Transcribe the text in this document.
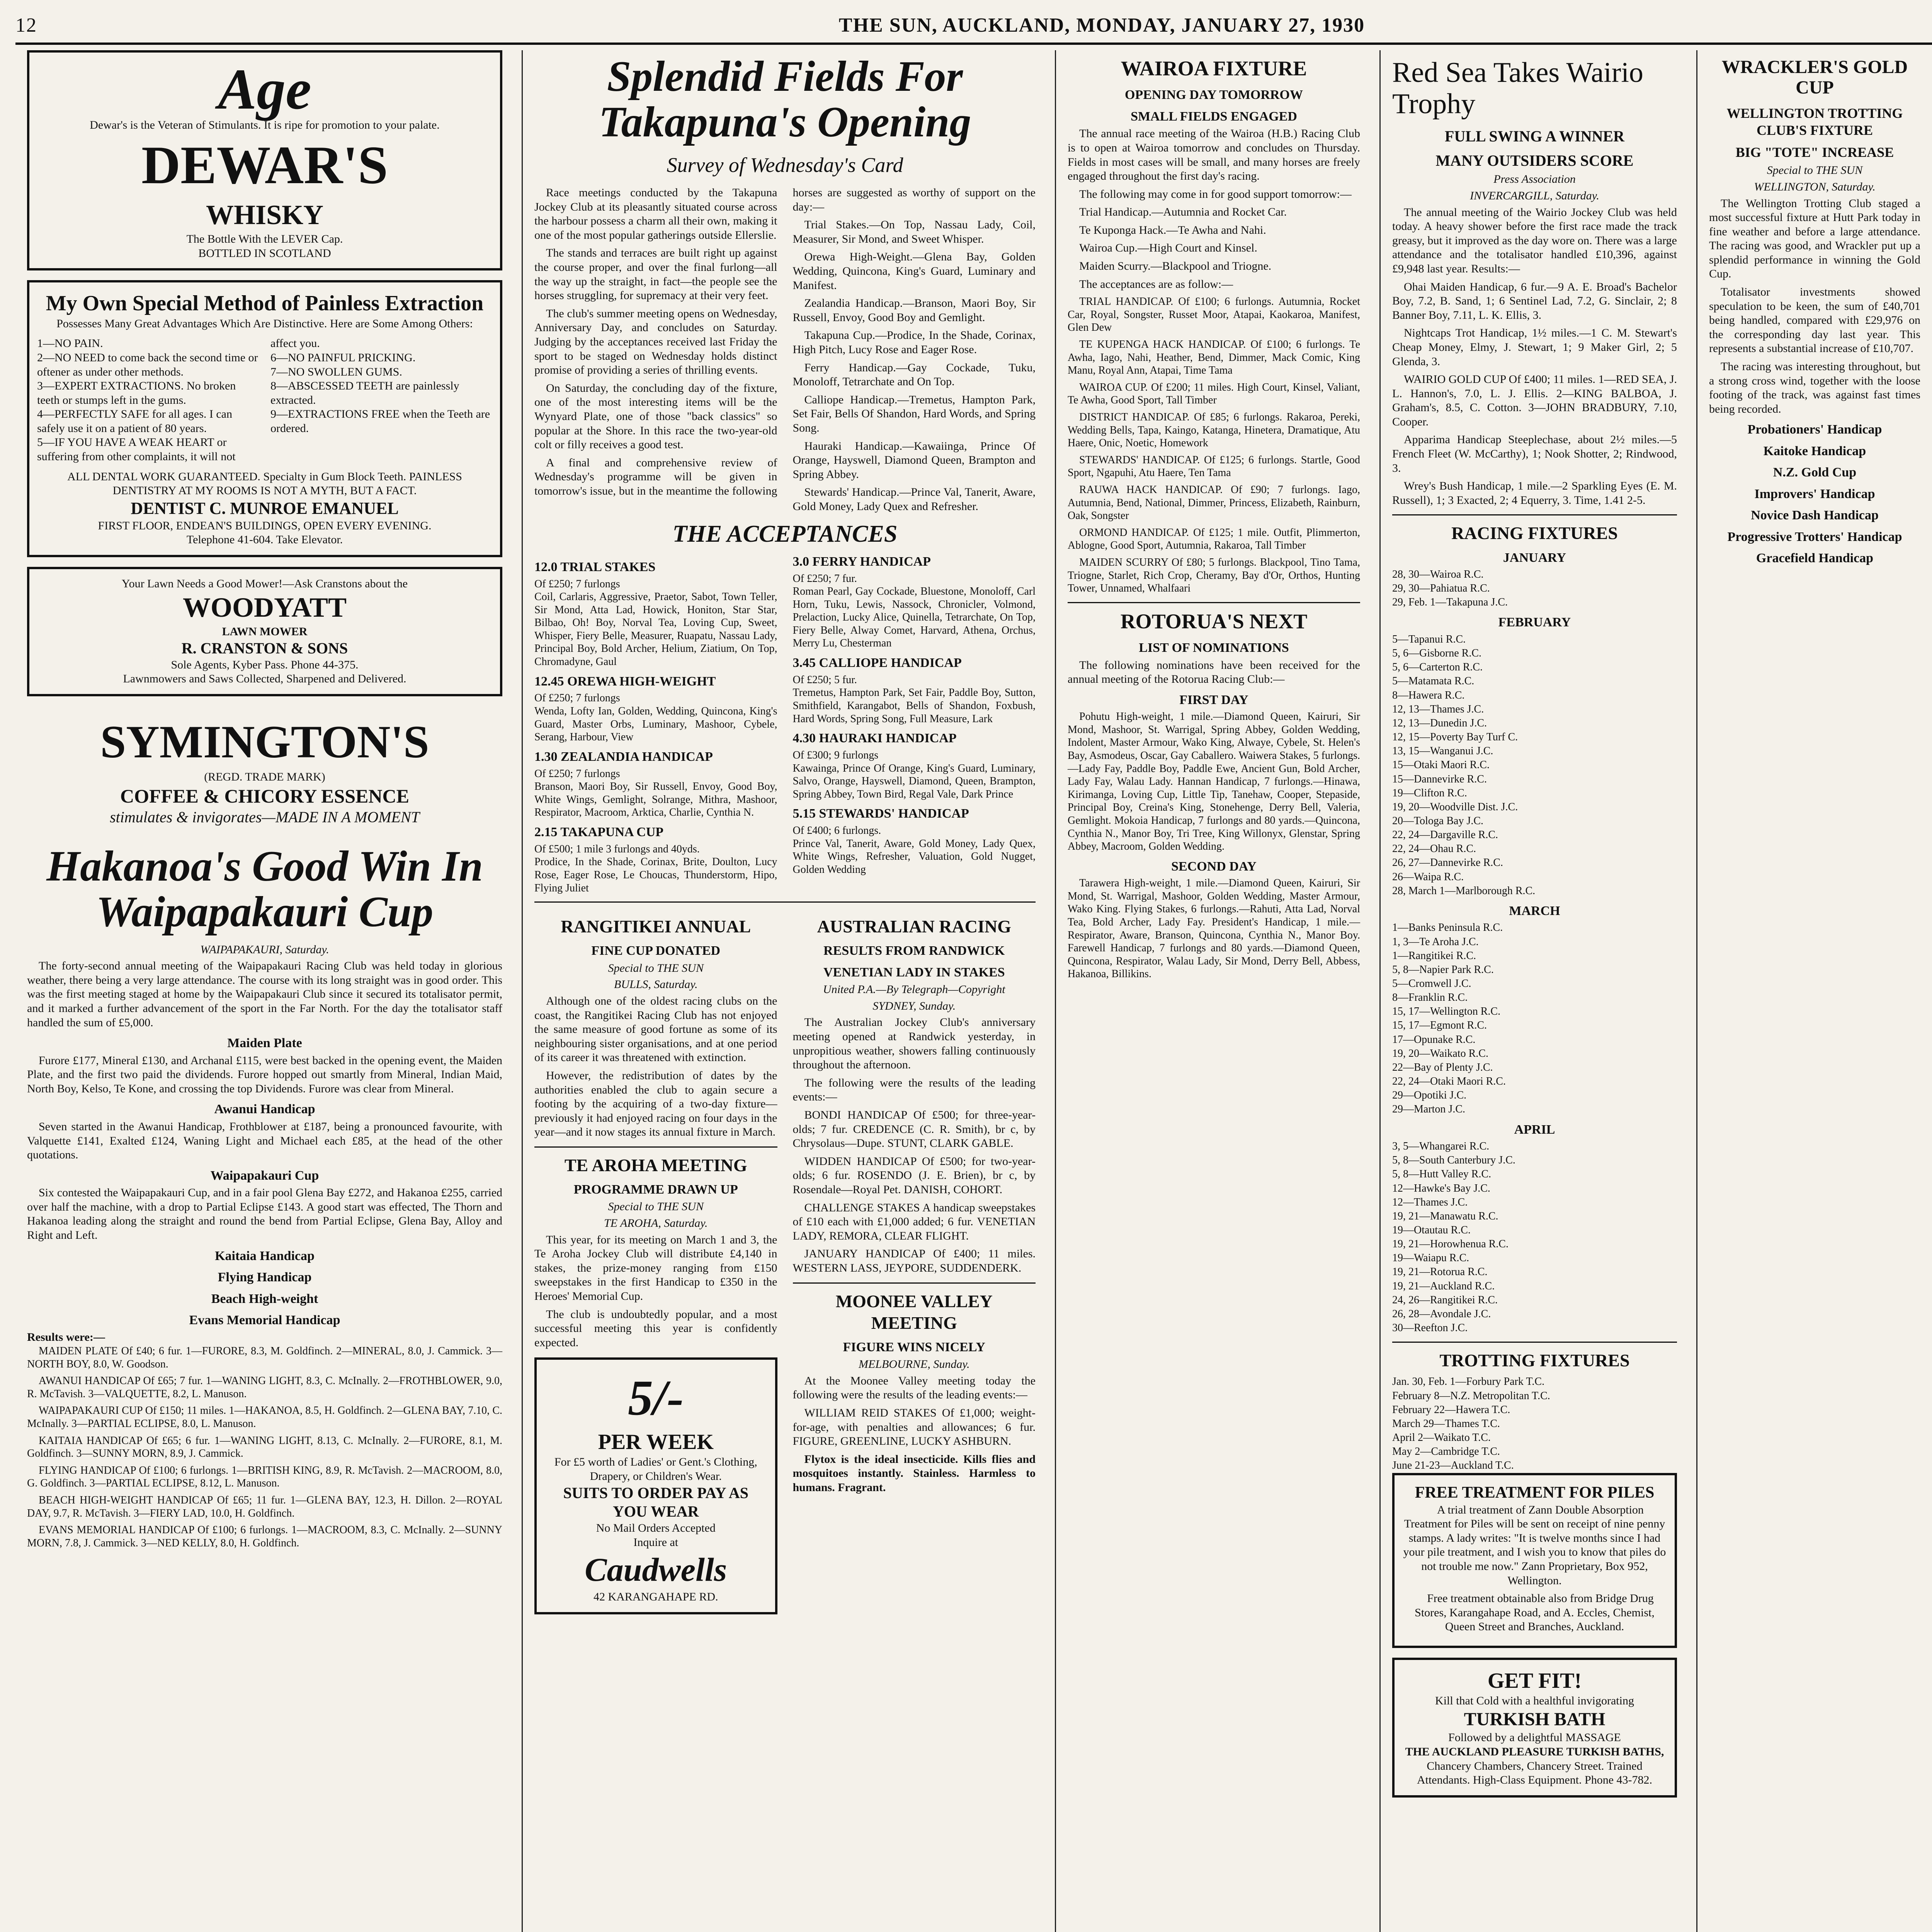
12	THE SUN, AUCKLAND, MONDAY, JANUARY 27, 1930
Age
Dewar's is the Veteran of Stimulants. It is ripe for promotion to your palate.
DEWAR'S
WHISKY
The Bottle With the LEVER Cap.
BOTTLED IN SCOTLAND
My Own Special Method of Painless Extraction
Possesses Many Great Advantages Which Are Distinctive. Here are Some Among Others:
1—NO PAIN.
2—NO NEED to come back the second time or oftener as under other methods.
3—EXPERT EXTRACTIONS. No broken teeth or stumps left in the gums.
4—PERFECTLY SAFE for all ages. I can safely use it on a patient of 80 years.
5—IF YOU HAVE A WEAK HEART or suffering from other complaints, it will not affect you.
6—NO PAINFUL PRICKING.
7—NO SWOLLEN GUMS.
8—ABSCESSED TEETH are painlessly extracted.
9—EXTRACTIONS FREE when the Teeth are ordered.
ALL DENTAL WORK GUARANTEED. Specialty in Gum Block Teeth. PAINLESS DENTISTRY AT MY ROOMS IS NOT A MYTH, BUT A FACT.
DENTIST C. MUNROE EMANUEL
FIRST FLOOR, ENDEAN'S BUILDINGS, OPEN EVERY EVENING.
Telephone 41-604. Take Elevator.
Your Lawn Needs a Good Mower!—Ask Cranstons about the
WOODYATT
LAWN MOWER
R. CRANSTON & SONS
Sole Agents, Kyber Pass. Phone 44-375.
Lawnmowers and Saws Collected, Sharpened and Delivered.
SYMINGTON'S
(REGD. TRADE MARK)
COFFEE & CHICORY ESSENCE
stimulates & invigorates—MADE IN A MOMENT
Hakanoa's Good Win In Waipapakauri Cup
WAIPAPAKAURI, Saturday.

The forty-second annual meeting of the Waipapakauri Racing Club was held today in glorious weather, there being a very large attendance. The course with its long straight was in good order. This was the first meeting staged at home by the Waipapakauri Club since it secured its totalisator permit, and it marked a further advancement of the sport in the Far North. For the day the totalisator staff handled the sum of £5,000.

Maiden Plate

Furore £177, Mineral £130, and Archanal £115, were best backed in the opening event, the Maiden Plate, and the first two paid the dividends. Furore hopped out smartly from Mineral, Indian Maid, North Boy, Kelso, Te Kone, and crossing the top Dividends. Furore was clear from Mineral.

Awanui Handicap

Seven started in the Awanui Handicap, Frothblower at £187, being a pronounced favourite, with Valquette £141, Exalted £124, Waning Light and Michael each £85, at the head of the other quotations.

Waipapakauri Cup

Six contested the Waipapakauri Cup, and in a fair pool Glena Bay £272, and Hakanoa £255, carried over half the machine, with a drop to Partial Eclipse £143. A good start was effected, The Thorn and Hakanoa leading along the straight and round the bend from Partial Eclipse, Glena Bay, Alloy and Right and Left.

Kaitaia Handicap
Flying Handicap
Beach High-weight
Evans Memorial Handicap
Results were:—

MAIDEN PLATE Of £40; 6 fur. 1—FURORE, 8.3, M. Goldfinch. 2—MINERAL, 8.0, J. Cammick. 3—NORTH BOY, 8.0, W. Goodson.

AWANUI HANDICAP Of £65; 7 fur. 1—WANING LIGHT, 8.3, C. McInally. 2—FROTHBLOWER, 9.0, R. McTavish. 3—VALQUETTE, 8.2, L. Manuson.

WAIPAPAKAURI CUP Of £150; 11 miles. 1—HAKANOA, 8.5, H. Goldfinch. 2—GLENA BAY, 7.10, C. McInally. 3—PARTIAL ECLIPSE, 8.0, L. Manuson.

KAITAIA HANDICAP Of £65; 6 fur. 1—WANING LIGHT, 8.13, C. McInally. 2—FURORE, 8.1, M. Goldfinch. 3—SUNNY MORN, 8.9, J. Cammick.

FLYING HANDICAP Of £100; 6 furlongs. 1—BRITISH KING, 8.9, R. McTavish. 2—MACROOM, 8.0, G. Goldfinch. 3—PARTIAL ECLIPSE, 8.12, L. Manuson.

BEACH HIGH-WEIGHT HANDICAP Of £65; 11 fur. 1—GLENA BAY, 12.3, H. Dillon. 2—ROYAL DAY, 9.7, R. McTavish. 3—FIERY LAD, 10.0, H. Goldfinch.

EVANS MEMORIAL HANDICAP Of £100; 6 furlongs. 1—MACROOM, 8.3, C. McInally. 2—SUNNY MORN, 7.8, J. Cammick. 3—NED KELLY, 8.0, H. Goldfinch.

Splendid Fields For Takapuna's Opening
Survey of Wednesday's Card

Race meetings conducted by the Takapuna Jockey Club at its pleasantly situated course across the harbour possess a charm all their own, making it one of the most popular gatherings outside Ellerslie.

The stands and terraces are built right up against the course proper, and over the final furlong—all the way up the straight, in fact—the people see the horses struggling, for supremacy at their very feet.

The club's summer meeting opens on Wednesday, Anniversary Day, and concludes on Saturday. Judging by the acceptances received last Friday the sport to be staged on Wednesday holds distinct promise of providing a series of thrilling events.

On Saturday, the concluding day of the fixture, one of the most interesting items will be the Wynyard Plate, one of those "back classics" so popular at the Shore. In this race the two-year-old colt or filly receives a good test.

A final and comprehensive review of Wednesday's programme will be given in tomorrow's issue, but in the meantime the following horses are suggested as worthy of support on the day:—

Trial Stakes.—On Top, Nassau Lady, Coil, Measurer, Sir Mond, and Sweet Whisper.

Orewa High-Weight.—Glena Bay, Golden Wedding, Quincona, King's Guard, Luminary and Manifest.

Zealandia Handicap.—Branson, Maori Boy, Sir Russell, Envoy, Good Boy and Gemlight.

Takapuna Cup.—Prodice, In the Shade, Corinax, High Pitch, Lucy Rose and Eager Rose.

Ferry Handicap.—Gay Cockade, Tuku, Monoloff, Tetrarchate and On Top.

Calliope Handicap.—Tremetus, Hampton Park, Set Fair, Bells Of Shandon, Hard Words, and Spring Song.

Hauraki Handicap.—Kawaiinga, Prince Of Orange, Hayswell, Diamond Queen, Brampton and Spring Abbey.

Stewards' Handicap.—Prince Val, Tanerit, Aware, Gold Money, Lady Quex and Refresher.

THE ACCEPTANCES
12.0 TRIAL STAKES
Of £250; 7 furlongs
Coil, Carlaris, Aggressive, Praetor, Sabot, Town Teller, Sir Mond, Atta Lad, Howick, Honiton, Star Star, Bilbao, Oh! Boy, Norval Tea, Loving Cup, Sweet, Whisper, Fiery Belle, Measurer, Ruapatu, Nassau Lady, Principal Boy, Bold Archer, Helium, Ziatium, On Top, Chromadyne, Gaul
12.45 OREWA HIGH-WEIGHT
Of £250; 7 furlongs
Wenda, Lofty Ian, Golden, Wedding, Quincona, King's Guard, Master Orbs, Luminary, Mashoor, Cybele, Serang, Harbour, View
1.30 ZEALANDIA HANDICAP
Of £250; 7 furlongs
Branson, Maori Boy, Sir Russell, Envoy, Good Boy, White Wings, Gemlight, Solrange, Mithra, Mashoor, Respirator, Macroom, Arktica, Charlie, Cynthia N.
2.15 TAKAPUNA CUP
Of £500; 1 mile 3 furlongs and 40yds.
Prodice, In the Shade, Corinax, Brite, Doulton, Lucy Rose, Eager Rose, Le Choucas, Thunderstorm, Hipo, Flying Juliet
3.0 FERRY HANDICAP
Of £250; 7 fur.
Roman Pearl, Gay Cockade, Bluestone, Monoloff, Carl Horn, Tuku, Lewis, Nassock, Chronicler, Volmond, Prelaction, Lucky Alice, Quinella, Tetrarchate, On Top, Fiery Belle, Alway Comet, Harvard, Athena, Orchus, Merry Lu, Chesterman
3.45 CALLIOPE HANDICAP
Of £250; 5 fur.
Tremetus, Hampton Park, Set Fair, Paddle Boy, Sutton, Smithfield, Karangabot, Bells of Shandon, Foxbush, Hard Words, Spring Song, Full Measure, Lark
4.30 HAURAKI HANDICAP
Of £300; 9 furlongs
Kawainga, Prince Of Orange, King's Guard, Luminary, Salvo, Orange, Hayswell, Diamond, Queen, Brampton, Spring Abbey, Town Bird, Regal Vale, Dark Prince
5.15 STEWARDS' HANDICAP
Of £400; 6 furlongs.
Prince Val, Tanerit, Aware, Gold Money, Lady Quex, White Wings, Refresher, Valuation, Gold Nugget, Golden Wedding
RANGITIKEI ANNUAL
FINE CUP DONATED
Special to THE SUN
BULLS, Saturday.

Although one of the oldest racing clubs on the coast, the Rangitikei Racing Club has not enjoyed the same measure of good fortune as some of its neighbouring sister organisations, and at one period of its career it was threatened with extinction.

However, the redistribution of dates by the authorities enabled the club to again secure a footing by the acquiring of a two-day fixture—previously it had enjoyed racing on four days in the year—and it now stages its annual fixture in March.

TE AROHA MEETING
PROGRAMME DRAWN UP
Special to THE SUN
TE AROHA, Saturday.

This year, for its meeting on March 1 and 3, the Te Aroha Jockey Club will distribute £4,140 in stakes, the prize-money ranging from £150 sweepstakes in the first Handicap to £350 in the Heroes' Memorial Cup.

The club is undoubtedly popular, and a most successful meeting this year is confidently expected.

5/-
PER WEEK
For £5 worth of Ladies' or Gent.'s Clothing, Drapery, or Children's Wear.
SUITS TO ORDER PAY AS YOU WEAR
No Mail Orders Accepted
Inquire at
Caudwells
42 KARANGAHAPE RD.
AUSTRALIAN RACING
RESULTS FROM RANDWICK
VENETIAN LADY IN STAKES
United P.A.—By Telegraph—Copyright
SYDNEY, Sunday.

The Australian Jockey Club's anniversary meeting opened at Randwick yesterday, in unpropitious weather, showers falling continuously throughout the afternoon.

The following were the results of the leading events:—

BONDI HANDICAP Of £500; for three-year-olds; 7 fur. CREDENCE (C. R. Smith), br c, by Chrysolaus—Dupe. STUNT, CLARK GABLE.

WIDDEN HANDICAP Of £500; for two-year-olds; 6 fur. ROSENDO (J. E. Brien), br c, by Rosendale—Royal Pet. DANISH, COHORT.

CHALLENGE STAKES A handicap sweepstakes of £10 each with £1,000 added; 6 fur. VENETIAN LADY, REMORA, CLEAR FLIGHT.

JANUARY HANDICAP Of £400; 11 miles. WESTERN LASS, JEYPORE, SUDDENDERK.

MOONEE VALLEY MEETING
FIGURE WINS NICELY
MELBOURNE, Sunday.

At the Moonee Valley meeting today the following were the results of the leading events:—

WILLIAM REID STAKES Of £1,000; weight-for-age, with penalties and allowances; 6 fur. FIGURE, GREENLINE, LUCKY ASHBURN.

Flytox is the ideal insecticide. Kills flies and mosquitoes instantly. Stainless. Harmless to humans. Fragrant.

WAIROA FIXTURE
OPENING DAY TOMORROW
SMALL FIELDS ENGAGED

The annual race meeting of the Wairoa (H.B.) Racing Club is to open at Wairoa tomorrow and concludes on Thursday. Fields in most cases will be small, and many horses are freely engaged throughout the first day's racing.

The following may come in for good support tomorrow:—

Trial Handicap.—Autumnia and Rocket Car.

Te Kuponga Hack.—Te Awha and Nahi.

Wairoa Cup.—High Court and Kinsel.

Maiden Scurry.—Blackpool and Triogne.

The acceptances are as follow:—

TRIAL HANDICAP. Of £100; 6 furlongs. Autumnia, Rocket Car, Royal, Songster, Russet Moor, Atapai, Kaokaroa, Manifest, Glen Dew

TE KUPENGA HACK HANDICAP. Of £100; 6 furlongs. Te Awha, Iago, Nahi, Heather, Bend, Dimmer, Mack Comic, King Manu, Royal Ann, Atapai, Time Tama

WAIROA CUP. Of £200; 11 miles. High Court, Kinsel, Valiant, Te Awha, Good Sport, Tall Timber

DISTRICT HANDICAP. Of £85; 6 furlongs. Rakaroa, Pereki, Wedding Bells, Tapa, Kaingo, Katanga, Hinetera, Dramatique, Atu Haere, Onic, Noetic, Homework

STEWARDS' HANDICAP. Of £125; 6 furlongs. Startle, Good Sport, Ngapuhi, Atu Haere, Ten Tama

RAUWA HACK HANDICAP. Of £90; 7 furlongs. Iago, Autumnia, Bend, National, Dimmer, Princess, Elizabeth, Rainburn, Oak, Songster

ORMOND HANDICAP. Of £125; 1 mile. Outfit, Plimmerton, Ablogne, Good Sport, Autumnia, Rakaroa, Tall Timber

MAIDEN SCURRY Of £80; 5 furlongs. Blackpool, Tino Tama, Triogne, Starlet, Rich Crop, Cheramy, Bay d'Or, Orthos, Hunting Tower, Unnamed, Whalfaari

ROTORUA'S NEXT
LIST OF NOMINATIONS

The following nominations have been received for the annual meeting of the Rotorua Racing Club:—

FIRST DAY

Pohutu High-weight, 1 mile.—Diamond Queen, Kairuri, Sir Mond, Mashoor, St. Warrigal, Spring Abbey, Golden Wedding, Indolent, Master Armour, Wako King, Alwaye, Cybele, St. Helen's Bay, Asmodeus, Oscar, Gay Caballero. Waiwera Stakes, 5 furlongs.—Lady Fay, Paddle Boy, Paddle Ewe, Ancient Gun, Bold Archer, Lady Fay, Walau Lady. Hannan Handicap, 7 furlongs.—Hinawa, Kirimanga, Loving Cup, Little Tip, Tanehaw, Cooper, Stepaside, Principal Boy, Creina's King, Stonehenge, Derry Bell, Valeria, Gemlight. Mokoia Handicap, 7 furlongs and 80 yards.—Quincona, Cynthia N., Manor Boy, Tri Tree, King Willonyx, Glenstar, Spring Abbey, Macroom, Golden Wedding.

SECOND DAY

Tarawera High-weight, 1 mile.—Diamond Queen, Kairuri, Sir Mond, St. Warrigal, Mashoor, Golden Wedding, Master Armour, Wako King. Flying Stakes, 6 furlongs.—Rahuti, Atta Lad, Norval Tea, Bold Archer, Lady Fay. President's Handicap, 1 mile.—Respirator, Aware, Branson, Quincona, Cynthia N., Manor Boy. Farewell Handicap, 7 furlongs and 80 yards.—Diamond Queen, Quincona, Respirator, Walau Lady, Sir Mond, Derry Bell, Abbess, Hakanoa, Billikins.

Red Sea Takes Wairio Trophy
FULL SWING A WINNER
MANY OUTSIDERS SCORE
Press Association
INVERCARGILL, Saturday.

The annual meeting of the Wairio Jockey Club was held today. A heavy shower before the first race made the track greasy, but it improved as the day wore on. There was a large attendance and the totalisator handled £10,396, against £9,948 last year. Results:—

Ohai Maiden Handicap, 6 fur.—9 A. E. Broad's Bachelor Boy, 7.2, B. Sand, 1; 6 Sentinel Lad, 7.2, G. Sinclair, 2; 8 Banner Boy, 7.11, L. K. Ellis, 3.

Nightcaps Trot Handicap, 1½ miles.—1 C. M. Stewart's Cheap Money, Elmy, J. Stewart, 1; 9 Maker Girl, 2; 5 Glenda, 3.

WAIRIO GOLD CUP Of £400; 11 miles. 1—RED SEA, J. L. Hannon's, 7.0, L. J. Ellis. 2—KING BALBOA, J. Graham's, 8.5, C. Cotton. 3—JOHN BRADBURY, 7.10, Cooper.

Apparima Handicap Steeplechase, about 2½ miles.—5 French Fleet (W. McCarthy), 1; Nook Shotter, 2; Rindwood, 3.

Wrey's Bush Handicap, 1 mile.—2 Sparkling Eyes (E. M. Russell), 1; 3 Exacted, 2; 4 Equerry, 3. Time, 1.41 2-5.

RACING FIXTURES
JANUARY
28, 30—Wairoa R.C.
29, 30—Pahiatua R.C.
29, Feb. 1—Takapuna J.C.
FEBRUARY
5—Tapanui R.C.
5, 6—Gisborne R.C.
5, 6—Carterton R.C.
5—Matamata R.C.
8—Hawera R.C.
12, 13—Thames J.C.
12, 13—Dunedin J.C.
12, 15—Poverty Bay Turf C.
13, 15—Wanganui J.C.
15—Otaki Maori R.C.
15—Dannevirke R.C.
19—Clifton R.C.
19, 20—Woodville Dist. J.C.
20—Tologa Bay J.C.
22, 24—Dargaville R.C.
22, 24—Ohau R.C.
26, 27—Dannevirke R.C.
26—Waipa R.C.
28, March 1—Marlborough R.C.
MARCH
1—Banks Peninsula R.C.
1, 3—Te Aroha J.C.
1—Rangitikei R.C.
5, 8—Napier Park R.C.
5—Cromwell J.C.
8—Franklin R.C.
15, 17—Wellington R.C.
15, 17—Egmont R.C.
17—Opunake R.C.
19, 20—Waikato R.C.
22—Bay of Plenty J.C.
22, 24—Otaki Maori R.C.
29—Opotiki J.C.
29—Marton J.C.
APRIL
3, 5—Whangarei R.C.
5, 8—South Canterbury J.C.
5, 8—Hutt Valley R.C.
12—Hawke's Bay J.C.
12—Thames J.C.
19, 21—Manawatu R.C.
19—Otautau R.C.
19, 21—Horowhenua R.C.
19—Waiapu R.C.
19, 21—Rotorua R.C.
19, 21—Auckland R.C.
24, 26—Rangitikei R.C.
26, 28—Avondale J.C.
30—Reefton J.C.
TROTTING FIXTURES
Jan. 30, Feb. 1—Forbury Park T.C.
February 8—N.Z. Metropolitan T.C.
February 22—Hawera T.C.
March 29—Thames T.C.
April 2—Waikato T.C.
May 2—Cambridge T.C.
June 21-23—Auckland T.C.
FREE TREATMENT FOR PILES

A trial treatment of Zann Double Absorption Treatment for Piles will be sent on receipt of nine penny stamps. A lady writes: "It is twelve months since I had your pile treatment, and I wish you to know that piles do not trouble me now." Zann Proprietary, Box 952, Wellington.

Free treatment obtainable also from Bridge Drug Stores, Karangahape Road, and A. Eccles, Chemist, Queen Street and Branches, Auckland.

GET FIT!
Kill that Cold with a healthful invigorating
TURKISH BATH
Followed by a delightful MASSAGE
THE AUCKLAND PLEASURE TURKISH BATHS,
Chancery Chambers, Chancery Street. Trained Attendants. High-Class Equipment. Phone 43-782.
WRACKLER'S GOLD CUP
WELLINGTON TROTTING CLUB'S FIXTURE
BIG "TOTE" INCREASE
Special to THE SUN
WELLINGTON, Saturday.

The Wellington Trotting Club staged a most successful fixture at Hutt Park today in fine weather and before a large attendance. The racing was good, and Wrackler put up a splendid performance in winning the Gold Cup.

Totalisator investments showed speculation to be keen, the sum of £40,701 being handled, compared with £29,976 on the corresponding day last year. This represents a substantial increase of £10,707.

The racing was interesting throughout, but a strong cross wind, together with the loose footing of the track, was against fast times being recorded.

Probationers' Handicap
Kaitoke Handicap
N.Z. Gold Cup
Improvers' Handicap
Novice Dash Handicap
Progressive Trotters' Handicap
Gracefield Handicap
